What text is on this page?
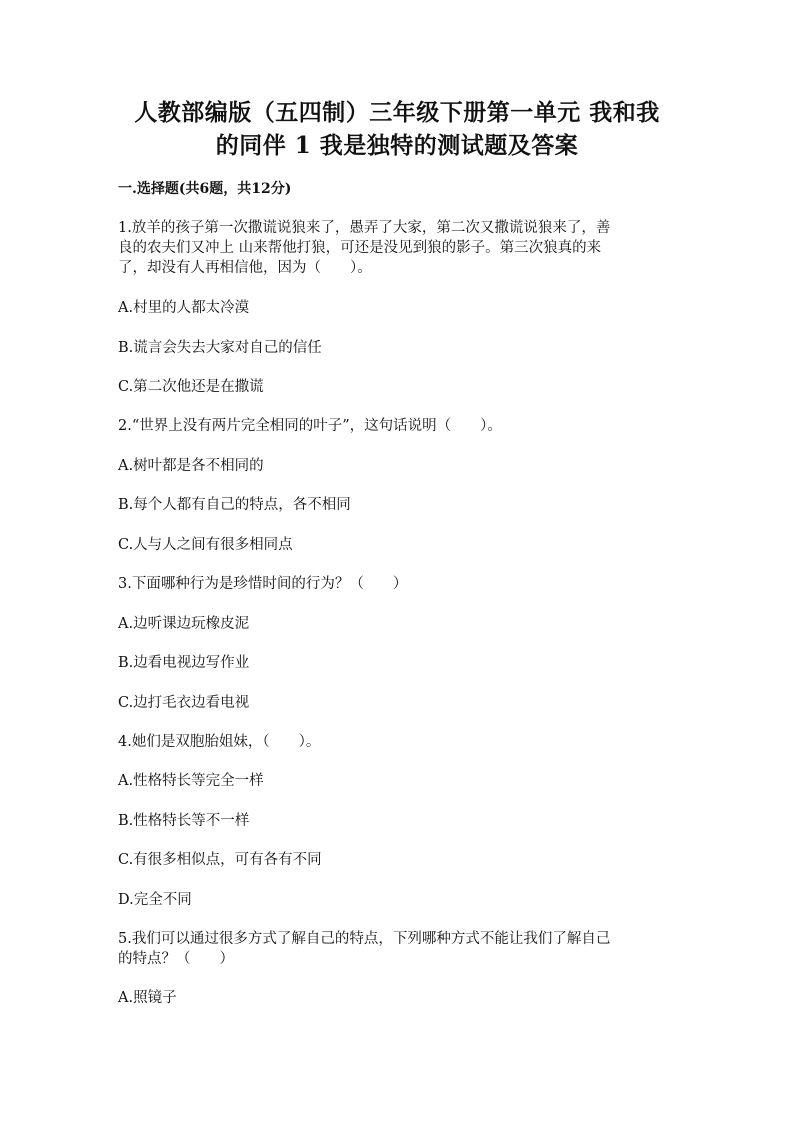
人教部编版（五四制）三年级下册第一单元 我和我
的同伴 1 我是独特的测试题及答案
一.选择题(共6题，共12分)
1.放羊的孩子第一次撒谎说狼来了，愚弄了大家，第二次又撒谎说狼来了，善
良的农夫们又冲上 山来帮他打狼，可还是没见到狼的影子。第三次狼真的来
了，却没有人再相信他，因为（　　）。
A.村里的人都太冷漠
B.谎言会失去大家对自己的信任
C.第二次他还是在撒谎
2.“世界上没有两片完全相同的叶子”，这句话说明（　　）。
A.树叶都是各不相同的
B.每个人都有自己的特点，各不相同
C.人与人之间有很多相同点
3.下面哪种行为是珍惜时间的行为？（　　）
A.边听课边玩橡皮泥
B.边看电视边写作业
C.边打毛衣边看电视
4.她们是双胞胎姐妹，（　　）。
A.性格特长等完全一样
B.性格特长等不一样
C.有很多相似点，可有各有不同
D.完全不同
5.我们可以通过很多方式了解自己的特点，下列哪种方式不能让我们了解自己
的特点？（　　）
A.照镜子
